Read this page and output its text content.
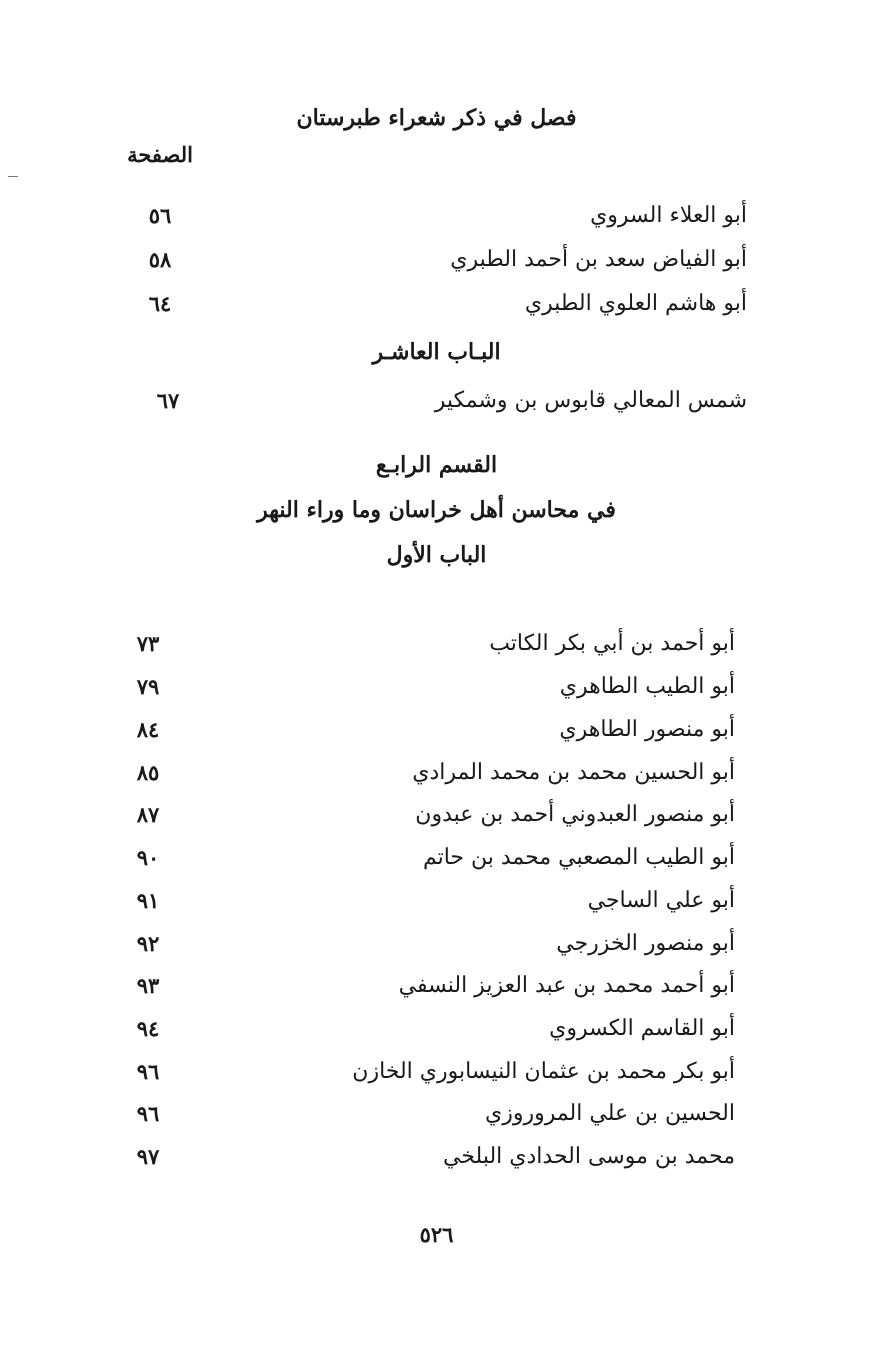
فصل في ذكر شعراء طبرستان
الصفحة
أبو العلاء السروي
٥٦
أبو الفياض سعد بن أحمد الطبري
٥٨
أبو هاشم العلوي الطبري
٦٤
البـاب العاشـر
شمس المعالي قابوس بن وشمكير
٦٧
القسم الرابـع
في محاسن أهل خراسان وما وراء النهر
الباب الأول
أبو أحمد بن أبي بكر الكاتب
٧٣
أبو الطيب الطاهري
٧٩
أبو منصور الطاهري
٨٤
أبو الحسين محمد بن محمد المرادي
٨٥
أبو منصور العبدوني أحمد بن عبدون
٨٧
أبو الطيب المصعبي محمد بن حاتم
٩٠
أبو علي الساجي
٩١
أبو منصور الخزرجي
٩٢
أبو أحمد محمد بن عبد العزيز النسفي
٩٣
أبو القاسم الكسروي
٩٤
أبو بكر محمد بن عثمان النيسابوري الخازن
٩٦
الحسين بن علي المروروزي
٩٦
محمد بن موسى الحدادي البلخي
٩٧
٥٢٦
